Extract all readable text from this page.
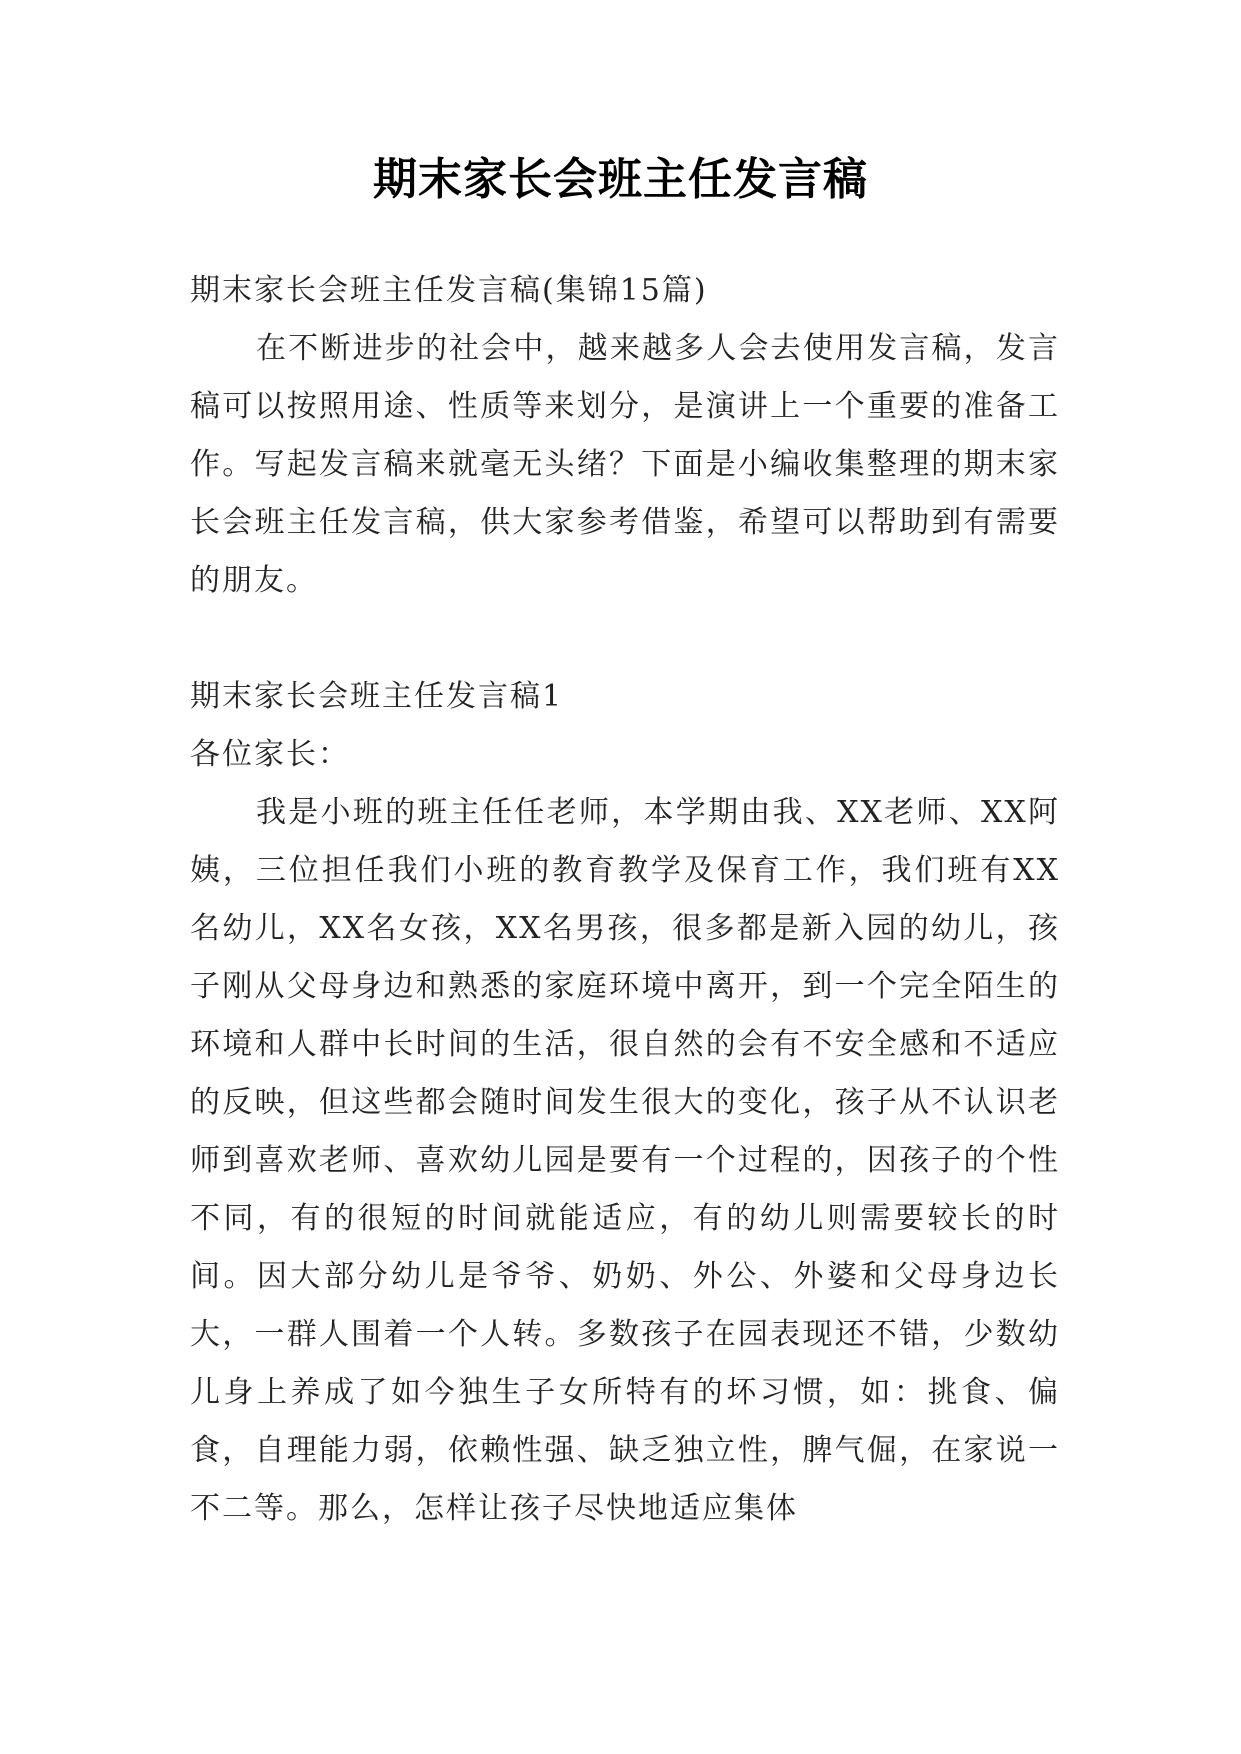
期末家长会班主任发言稿

期末家长会班主任发言稿(集锦15篇)

在不断进步的社会中，越来越多人会去使用发言稿，发言稿可以按照用途、性质等来划分，是演讲上一个重要的准备工作。写起发言稿来就毫无头绪？下面是小编收集整理的期末家长会班主任发言稿，供大家参考借鉴，希望可以帮助到有需要的朋友。

期末家长会班主任发言稿1

各位家长：

我是小班的班主任任老师，本学期由我、XX老师、XX阿姨，三位担任我们小班的教育教学及保育工作，我们班有XX名幼儿，XX名女孩，XX名男孩，很多都是新入园的幼儿，孩子刚从父母身边和熟悉的家庭环境中离开，到一个完全陌生的环境和人群中长时间的生活，很自然的会有不安全感和不适应的反映，但这些都会随时间发生很大的变化，孩子从不认识老师到喜欢老师、喜欢幼儿园是要有一个过程的，因孩子的个性不同，有的很短的时间就能适应，有的幼儿则需要较长的时间。因大部分幼儿是爷爷、奶奶、外公、外婆和父母身边长大，一群人围着一个人转。多数孩子在园表现还不错，少数幼儿身上养成了如今独生子女所特有的坏习惯，如：挑食、偏食，自理能力弱，依赖性强、缺乏独立性，脾气倔，在家说一不二等。那么，怎样让孩子尽快地适应集体
